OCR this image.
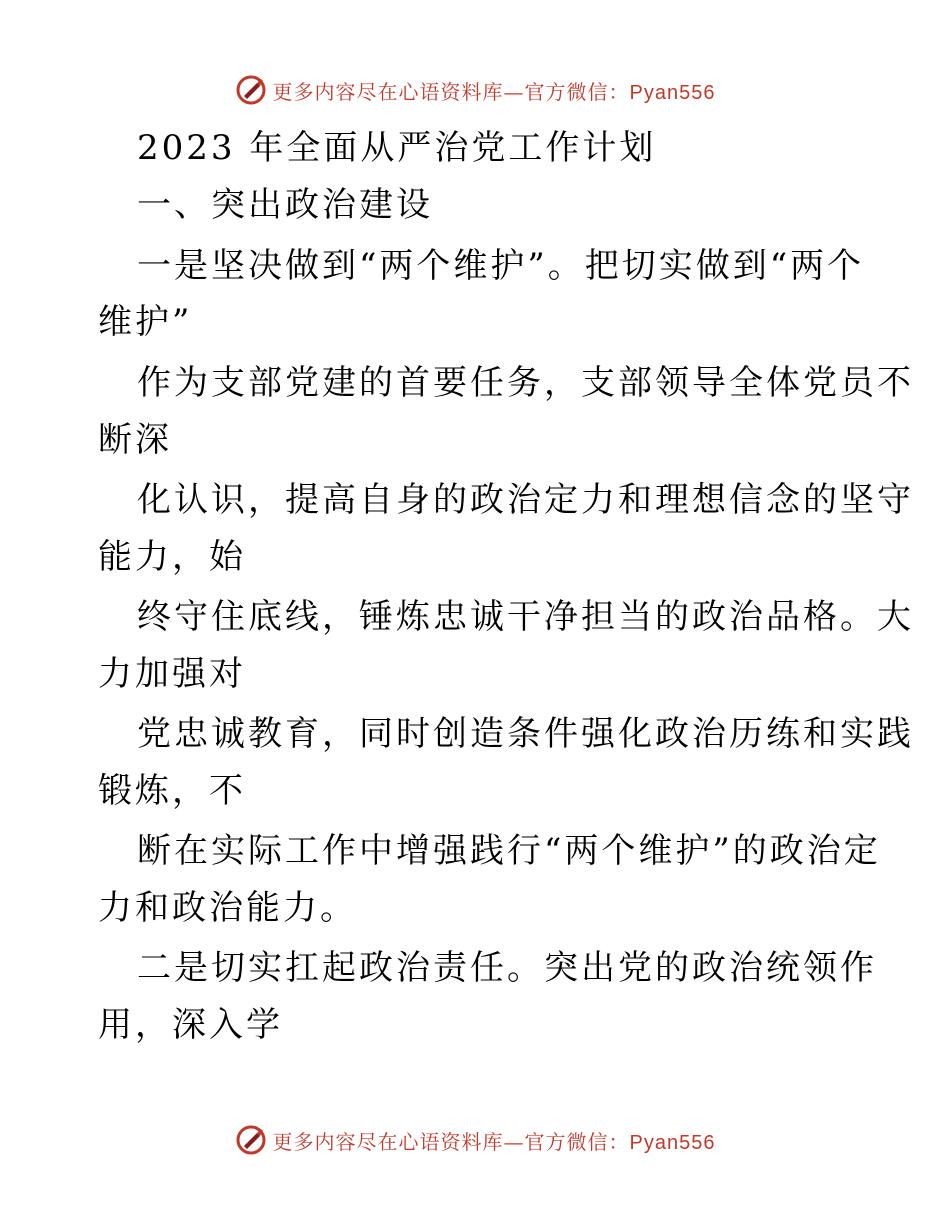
更多内容尽在心语资料库—官方微信：Pyan556
2023 年全面从严治党工作计划
一、突出政治建设
一是坚决做到“两个维护”。把切实做到“两个
维护”
作为支部党建的首要任务，支部领导全体党员不
断深
化认识，提高自身的政治定力和理想信念的坚守
能力，始
终守住底线，锤炼忠诚干净担当的政治品格。大
力加强对
党忠诚教育，同时创造条件强化政治历练和实践
锻炼，不
断在实际工作中增强践行“两个维护”的政治定
力和政治能力。
二是切实扛起政治责任。突出党的政治统领作
用，深入学
更多内容尽在心语资料库—官方微信：Pyan556
